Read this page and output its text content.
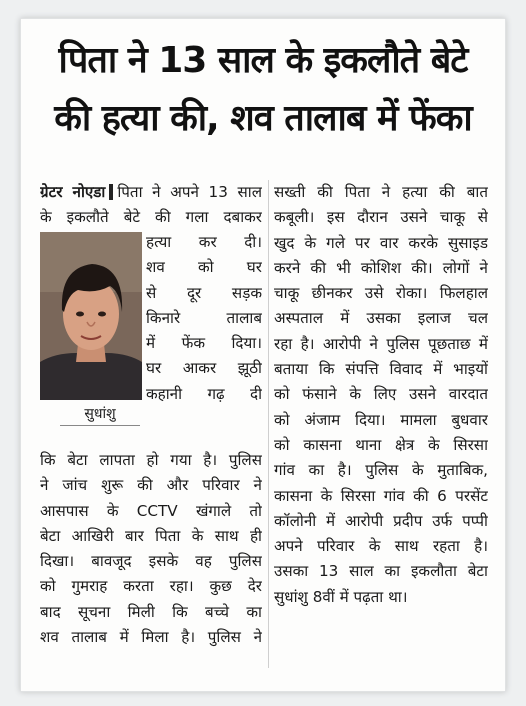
पिता ने 13 साल के इकलौते बेटे
की हत्या की, शव तालाब में फेंका
ग्रेटर नोएडा पिता ने अपने 13 साल
के इकलौते बेटे की गला दबाकर
हत्या कर दी।
शव को घर
से दूर सड़क
किनारे तालाब
में फेंक दिया।
घर आकर झूठी
कहानी गढ़ दी
सुधांशु
कि बेटा लापता हो गया है। पुलिस
ने जांच शुरू की और परिवार ने
आसपास के CCTV खंगाले तो
बेटा आखिरी बार पिता के साथ ही
दिखा। बावजूद इसके वह पुलिस
को गुमराह करता रहा। कुछ देर
बाद सूचना मिली कि बच्चे का
शव तालाब में मिला है। पुलिस ने
सख्ती की पिता ने हत्या की बात
कबूली। इस दौरान उसने चाकू से
खुद के गले पर वार करके सुसाइड
करने की भी कोशिश की। लोगों ने
चाकू छीनकर उसे रोका। फिलहाल
अस्पताल में उसका इलाज चल
रहा है। आरोपी ने पुलिस पूछताछ में
बताया कि संपत्ति विवाद में भाइयों
को फंसाने के लिए उसने वारदात
को अंजाम दिया। मामला बुधवार
को कासना थाना क्षेत्र के सिरसा
गांव का है। पुलिस के मुताबिक,
कासना के सिरसा गांव की 6 परसेंट
कॉलोनी में आरोपी प्रदीप उर्फ पप्पी
अपने परिवार के साथ रहता है।
उसका 13 साल का इकलौता बेटा
सुधांशु 8वीं में पढ़ता था।
